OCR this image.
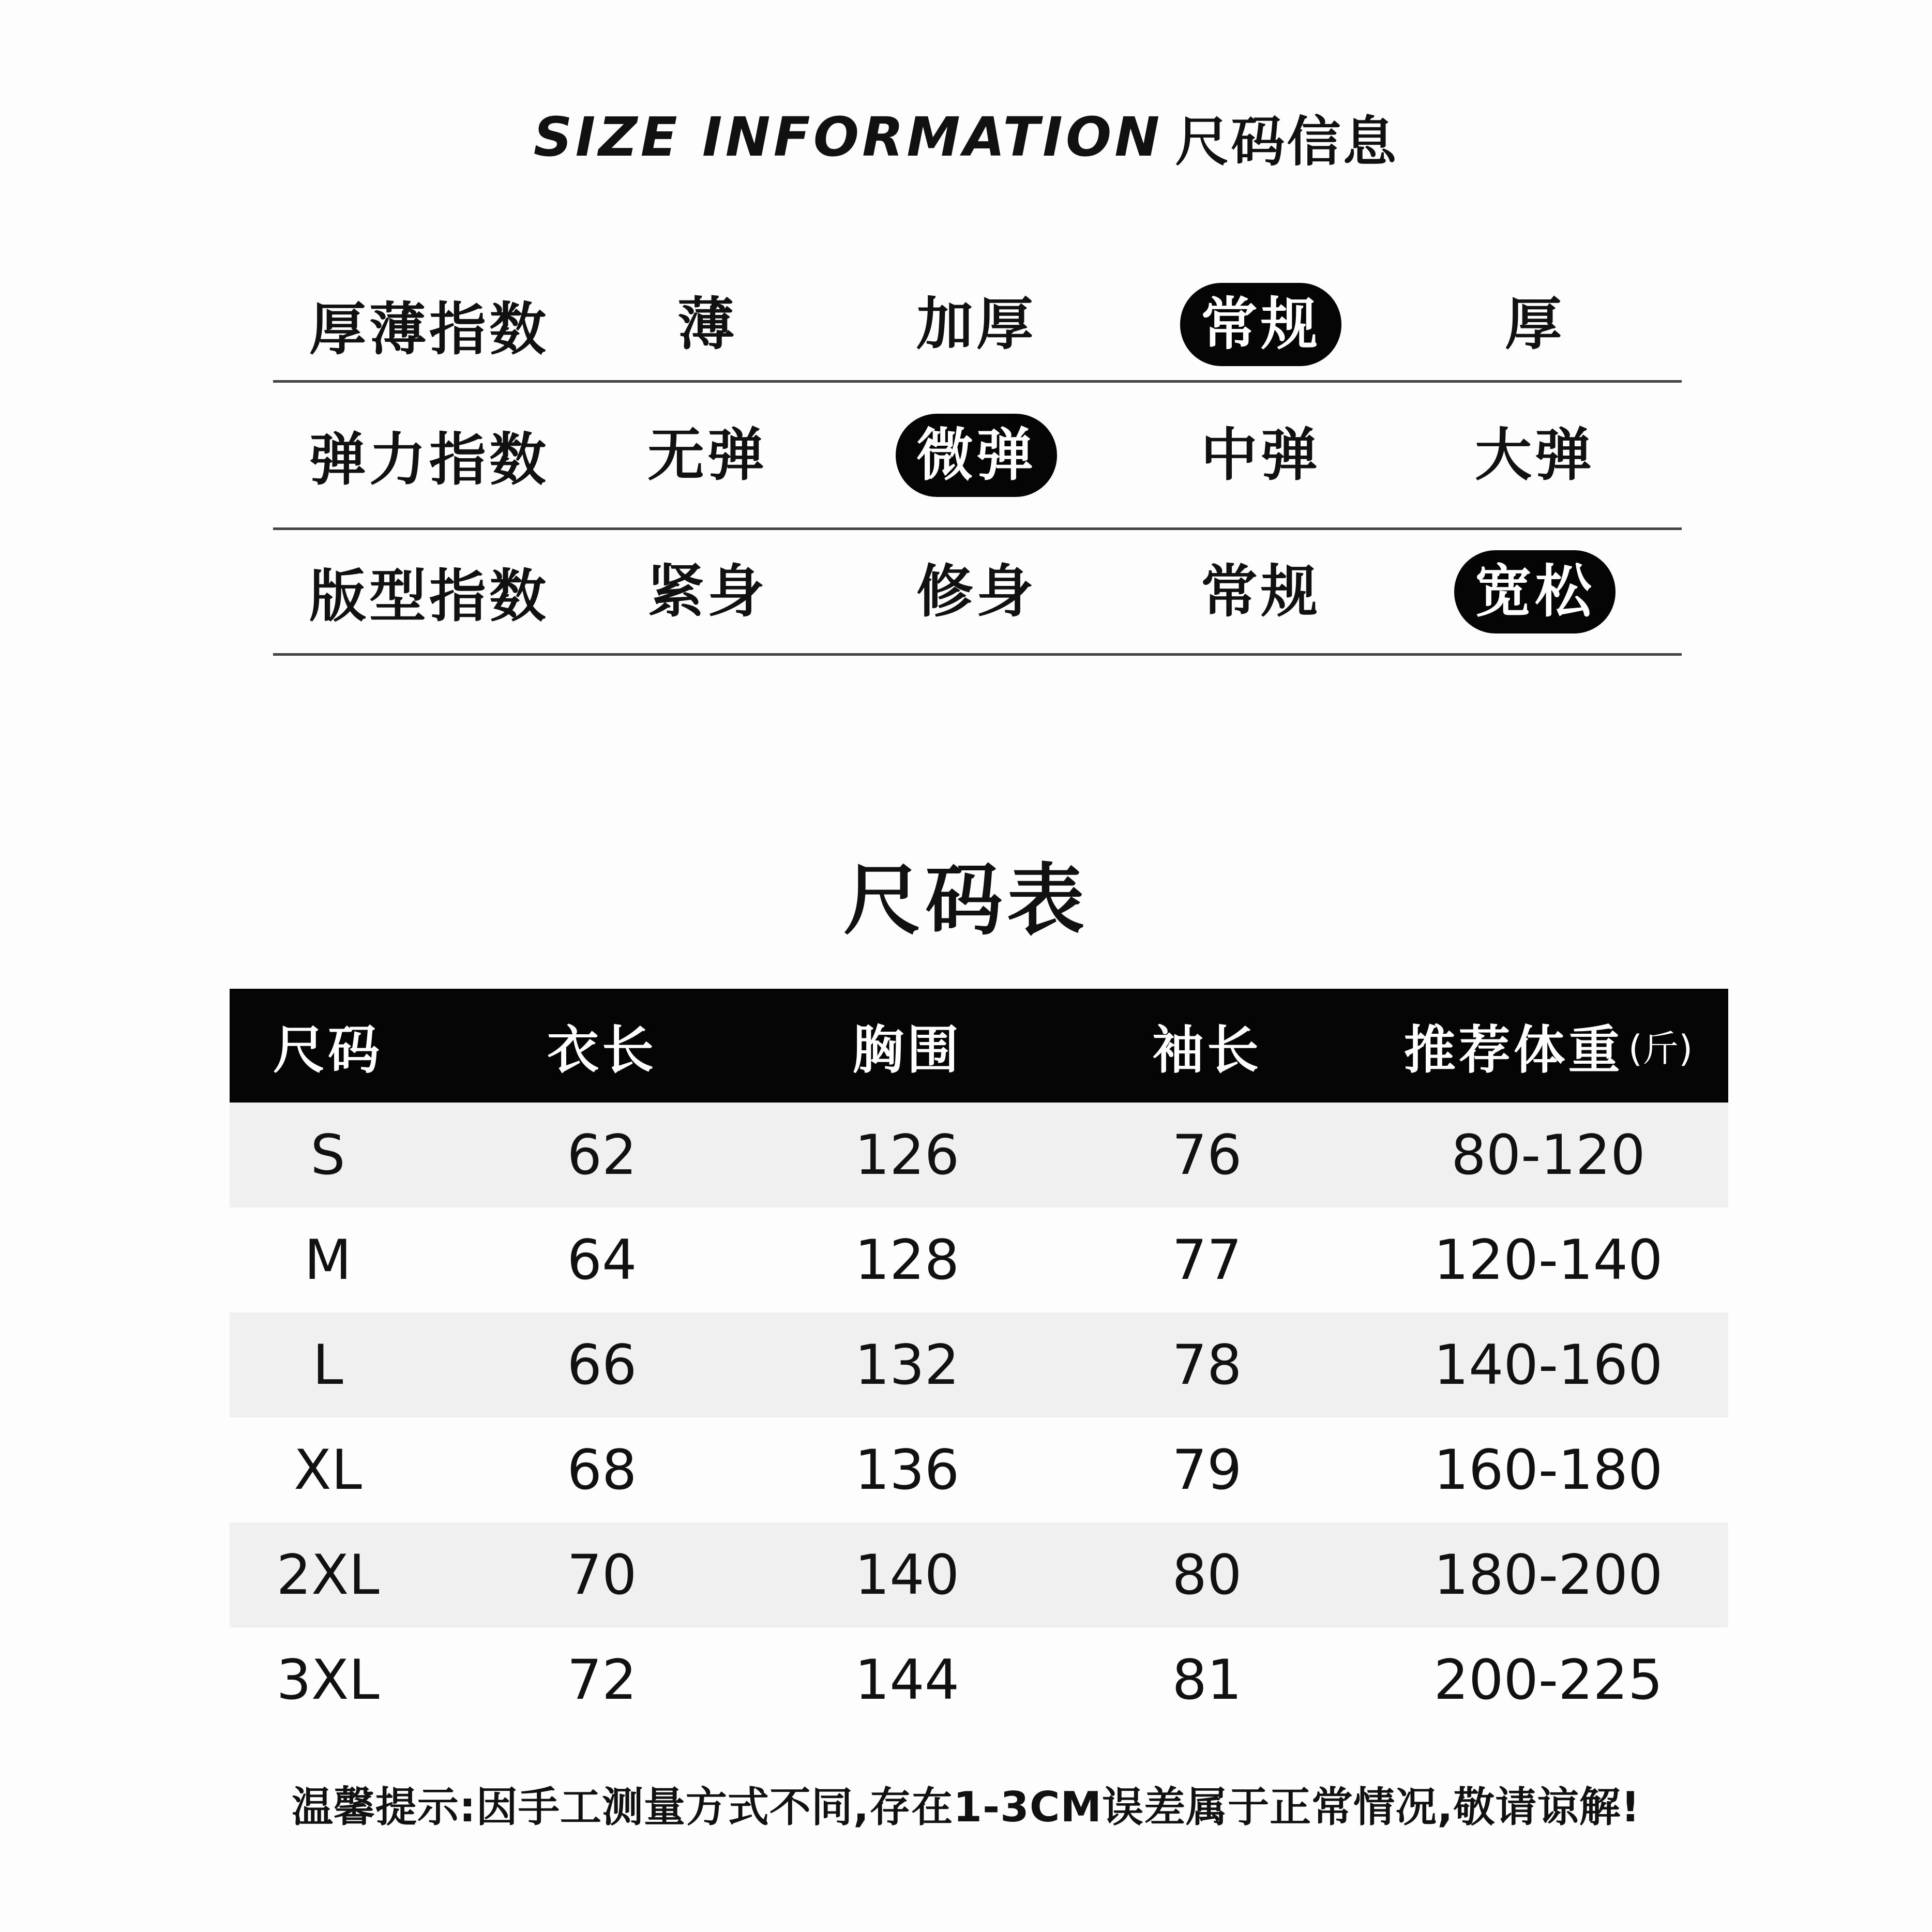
SIZE INFORMATION 尺码信息
厚薄指数	薄	加厚	常规	厚
弹力指数	无弹	微弹	中弹	大弹
版型指数	紧身	修身	常规	宽松
尺码表
尺码	衣长	胸围	袖长	推荐体重 (斤)
S	62	126	76	80-120
M	64	128	77	120-140
L	66	132	78	140-160
XL	68	136	79	160-180
2XL	70	140	80	180-200
3XL	72	144	81	200-225
温馨提示:因手工测量方式不同,存在1-3CM误差属于正常情况,敬请谅解!
